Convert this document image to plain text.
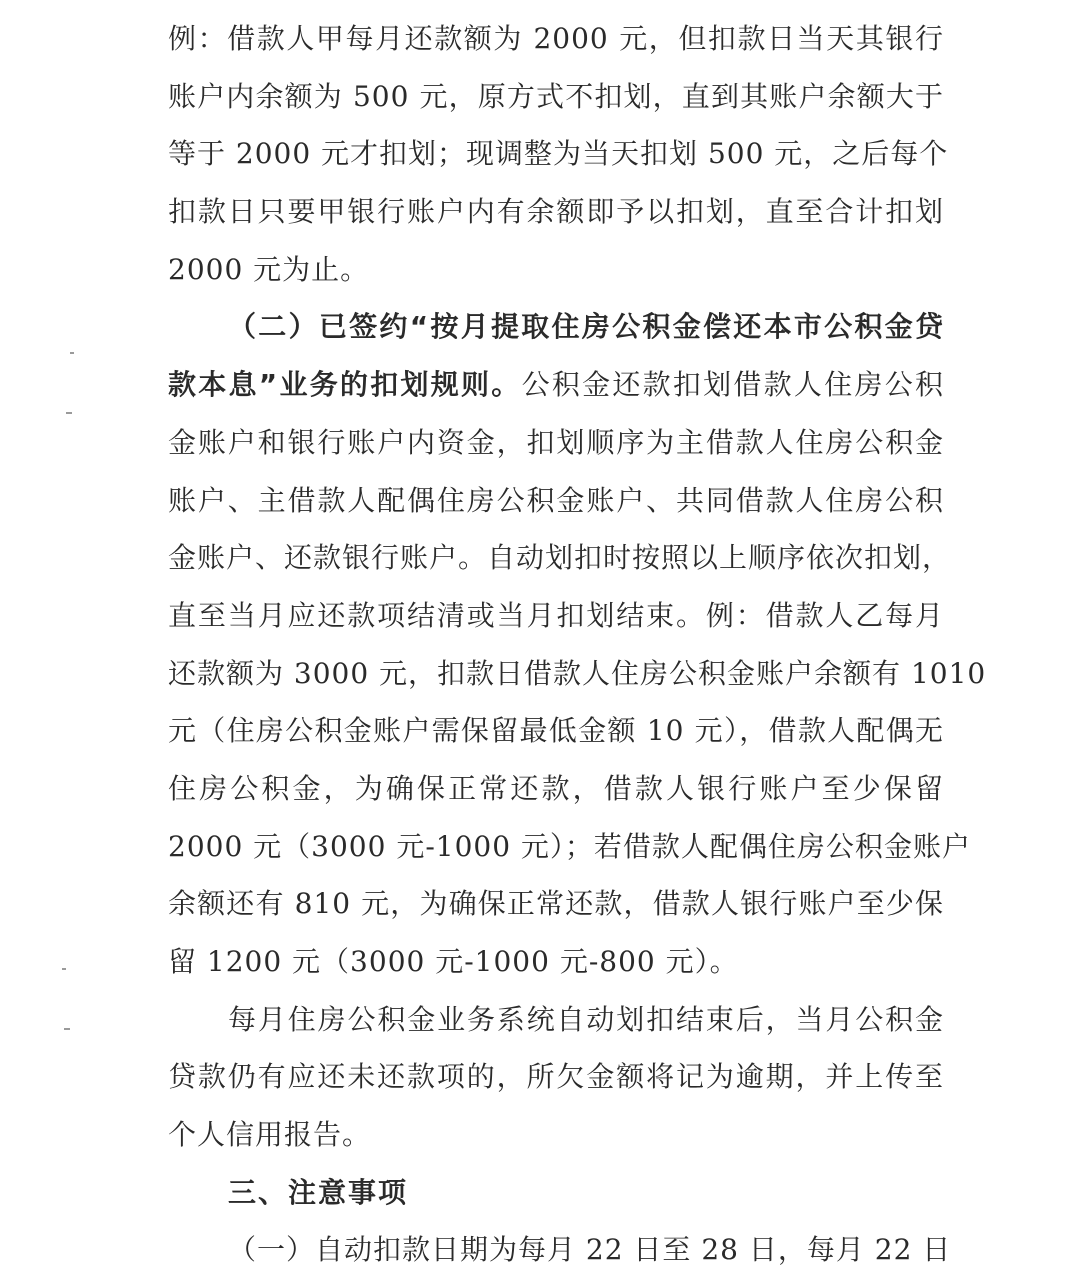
例：借款人甲每月还款额为 2000 元，但扣款日当天其银行
账户内余额为 500 元，原方式不扣划，直到其账户余额大于
等于 2000 元才扣划；现调整为当天扣划 500 元，之后每个
扣款日只要甲银行账户内有余额即予以扣划，直至合计扣划
2000 元为止。
（二）已签约“按月提取住房公积金偿还本市公积金贷
款本息”业务的扣划规则。公积金还款扣划借款人住房公积
金账户和银行账户内资金，扣划顺序为主借款人住房公积金
账户、主借款人配偶住房公积金账户、共同借款人住房公积
金账户、还款银行账户。自动划扣时按照以上顺序依次扣划，
直至当月应还款项结清或当月扣划结束。例：借款人乙每月
还款额为 3000 元，扣款日借款人住房公积金账户余额有 1010
元（住房公积金账户需保留最低金额 10 元），借款人配偶无
住房公积金，为确保正常还款，借款人银行账户至少保留
2000 元（3000 元-1000 元）；若借款人配偶住房公积金账户
余额还有 810 元，为确保正常还款，借款人银行账户至少保
留 1200 元（3000 元-1000 元-800 元）。
每月住房公积金业务系统自动划扣结束后，当月公积金
贷款仍有应还未还款项的，所欠金额将记为逾期，并上传至
个人信用报告。
三、注意事项
（一）自动扣款日期为每月 22 日至 28 日，每月 22 日
